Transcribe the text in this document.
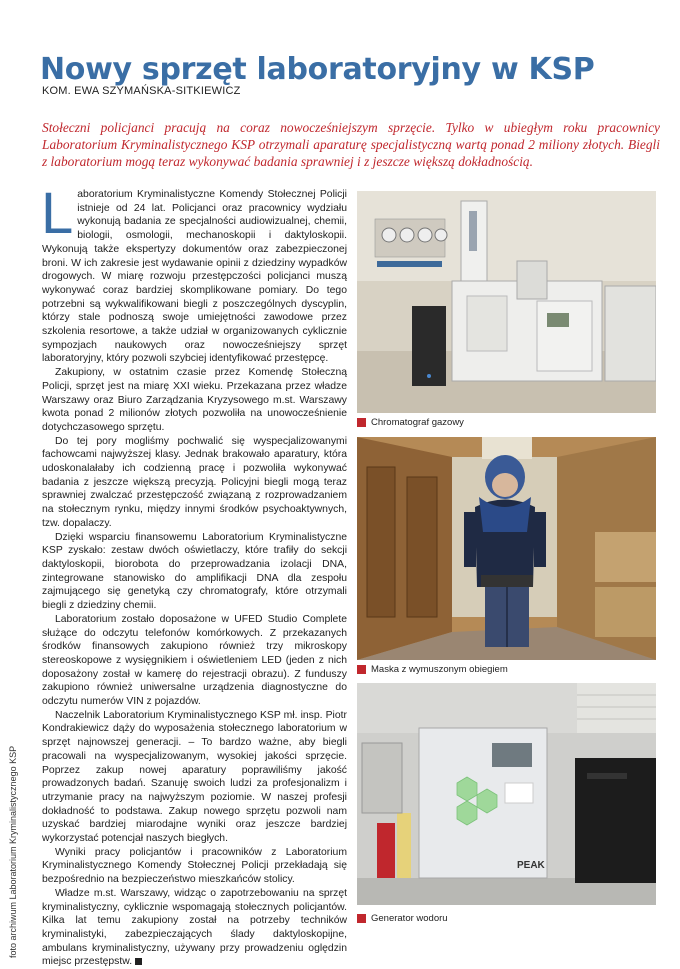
Nowy sprzęt laboratoryjny w KSP
KOM. EWA SZYMAŃSKA-SITKIEWICZ
Stołeczni policjanci pracują na coraz nowocześniejszym sprzęcie. Tylko w ubiegłym roku pracownicy Laboratorium Kryminalistycznego KSP otrzymali aparaturę specjalistyczną wartą ponad 2 miliony złotych. Biegli z laboratorium mogą teraz wykonywać badania sprawniej i z jeszcze większą dokładnością.

Laboratorium Kryminalistyczne Komendy Stołecznej Policji istnieje od 24 lat. Policjanci oraz pracownicy wydziału wykonują badania ze specjalności audiowizualnej, chemii, biologii, osmologii, mechanoskopii i daktyloskopii. Wykonują także ekspertyzy dokumentów oraz zabezpieczonej broni. W ich zakresie jest wydawanie opinii z dziedziny wypadków drogowych. W miarę rozwoju przestępczości policjanci muszą wykonywać coraz bardziej skomplikowane pomiary. Do tego potrzebni są wykwalifikowani biegli z poszczególnych dyscyplin, którzy stale podnoszą swoje umiejętności zawodowe przez szkolenia resortowe, a także udział w organizowanych cyklicznie sympozjach naukowych oraz nowocześniejszy sprzęt laboratoryjny, który pozwoli szybciej identyfikować przestępcę.

Zakupiony, w ostatnim czasie przez Komendę Stołeczną Policji, sprzęt jest na miarę XXI wieku. Przekazana przez władze Warszawy oraz Biuro Zarządzania Kryzysowego m.st. Warszawy kwota ponad 2 milionów złotych pozwoliła na unowocześnienie dotychczasowego sprzętu.

Do tej pory mogliśmy pochwalić się wyspecjalizowanymi fachowcami najwyższej klasy. Jednak brakowało aparatury, która udoskonalałaby ich codzienną pracę i pozwoliła wykonywać badania z jeszcze większą precyzją. Policyjni biegli mogą teraz sprawniej zwalczać przestępczość związaną z rozprowadzaniem na stołecznym rynku, między innymi środków psychoaktywnych, tzw. dopalaczy.

Dzięki wsparciu finansowemu Laboratorium Kryminalistyczne KSP zyskało: zestaw dwóch oświetlaczy, które trafiły do sekcji daktyloskopii, biorobota do przeprowadzania izolacji DNA, zintegrowane stanowisko do amplifikacji DNA dla zespołu zajmującego się genetyką czy chromatografy, które otrzymali biegli z dziedziny chemii.

Laboratorium zostało doposażone w UFED Studio Complete służące do odczytu telefonów komórkowych. Z przekazanych środków finansowych zakupiono również trzy mikroskopy stereoskopowe z wysięgnikiem i oświetleniem LED (jeden z nich doposażony został w kamerę do rejestracji obrazu). Z funduszy zakupiono również uniwersalne urządzenia diagnostyczne do odczytu numerów VIN z pojazdów.

Naczelnik Laboratorium Kryminalistycznego KSP mł. insp. Piotr Kondrakiewicz dąży do wyposażenia stołecznego laboratorium w sprzęt najnowszej generacji. – To bardzo ważne, aby biegli pracowali na wyspecjalizowanym, wysokiej jakości sprzęcie. Poprzez zakup nowej aparatury poprawiliśmy jakość prowadzonych badań. Szanuję swoich ludzi za profesjonalizm i utrzymanie pracy na najwyższym poziomie. W naszej profesji dokładność to podstawa. Zakup nowego sprzętu pozwoli nam uzyskać bardziej miarodajne wyniki oraz jeszcze bardziej wykorzystać potencjał naszych biegłych.

Wyniki pracy policjantów i pracowników z Laboratorium Kryminalistycznego Komendy Stołecznej Policji przekładają się bezpośrednio na bezpieczeństwo mieszkańców stolicy.

Władze m.st. Warszawy, widząc o zapotrzebowaniu na sprzęt kryminalistyczny, cyklicznie wspomagają stołecznych policjantów. Kilka lat temu zakupiony został na potrzeby techników kryminalistyki, zabezpieczających ślady daktyloskopijne, ambulans kryminalistyczny, używany przy prowadzeniu oględzin miejsc przestępstw.

foto archiwum Laboratorium Kryminalistycznego KSP
Chromatograf gazowy
Maska z wymuszonym obiegiem
PEAK
Generator wodoru
